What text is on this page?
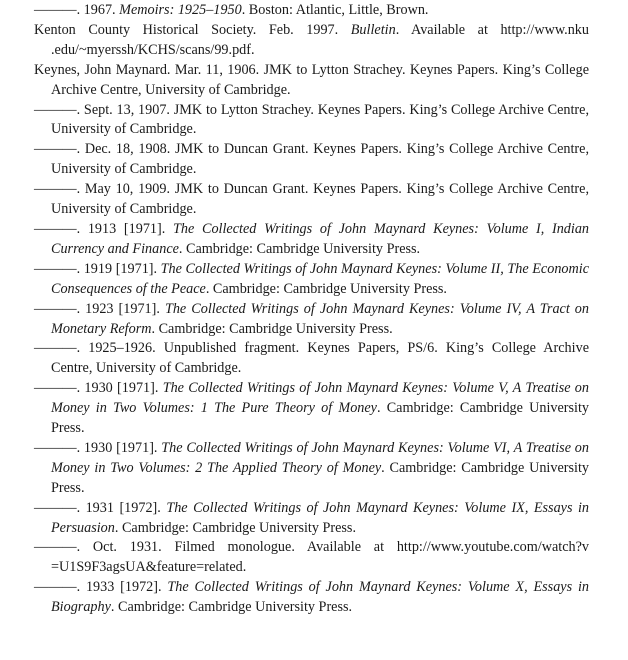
———. 1967. Memoirs: 1925–1950. Boston: Atlantic, Little, Brown.

Kenton County Historical Society. Feb. 1997. Bulletin. Available at http://www.nku .edu/~myerssh/KCHS/scans/99.pdf.

Keynes, John Maynard. Mar. 11, 1906. JMK to Lytton Strachey. Keynes Papers. King’s College Archive Centre, University of Cambridge.

———. Sept. 13, 1907. JMK to Lytton Strachey. Keynes Papers. King’s College Archive Centre, University of Cambridge.

———. Dec. 18, 1908. JMK to Duncan Grant. Keynes Papers. King’s College Archive Centre, University of Cambridge.

———. May 10, 1909. JMK to Duncan Grant. Keynes Papers. King’s College Archive Centre, University of Cambridge.

———. 1913 [1971]. The Collected Writings of John Maynard Keynes: Volume I, Indian Currency and Finance. Cambridge: Cambridge University Press.

———. 1919 [1971]. The Collected Writings of John Maynard Keynes: Volume II, The Economic Consequences of the Peace. Cambridge: Cambridge University Press.

———. 1923 [1971]. The Collected Writings of John Maynard Keynes: Volume IV, A Tract on Monetary Reform. Cambridge: Cambridge University Press.

———. 1925–1926. Unpublished fragment. Keynes Papers, PS/6. King’s College Archive Centre, University of Cambridge.

———. 1930 [1971]. The Collected Writings of John Maynard Keynes: Volume V, A Treatise on Money in Two Volumes: 1 The Pure Theory of Money. Cambridge: Cambridge University Press.

———. 1930 [1971]. The Collected Writings of John Maynard Keynes: Volume VI, A Treatise on Money in Two Volumes: 2 The Applied Theory of Money. Cambridge: Cambridge University Press.

———. 1931 [1972]. The Collected Writings of John Maynard Keynes: Volume IX, Essays in Persuasion. Cambridge: Cambridge University Press.

———. Oct. 1931. Filmed monologue. Available at http://www.youtube.com/watch?v =U1S9F3agsUA&feature=related.

———. 1933 [1972]. The Collected Writings of John Maynard Keynes: Volume X, Essays in Biography. Cambridge: Cambridge University Press.
